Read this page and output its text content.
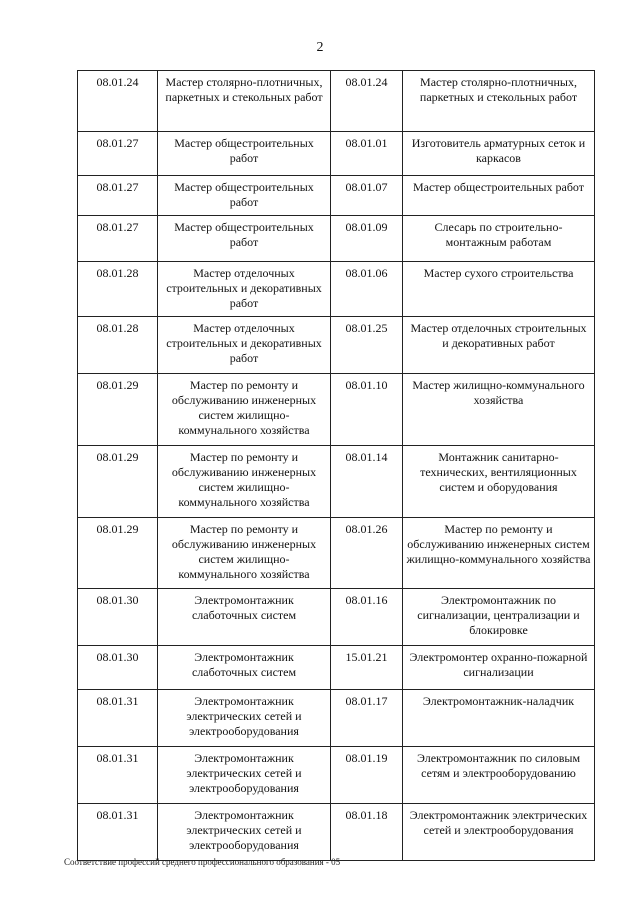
2
08.01.24	Мастер столярно-плотничных, паркетных и стекольных работ	08.01.24	Мастер столярно-плотничных, паркетных и стекольных работ
08.01.27	Мастер общестроительных работ	08.01.01	Изготовитель арматурных сеток и каркасов
08.01.27	Мастер общестроительных работ	08.01.07	Мастер общестроительных работ
08.01.27	Мастер общестроительных работ	08.01.09	Слесарь по строительно-монтажным работам
08.01.28	Мастер отделочных строительных и декоративных работ	08.01.06	Мастер сухого строительства
08.01.28	Мастер отделочных строительных и декоративных работ	08.01.25	Мастер отделочных строительных и декоративных работ
08.01.29	Мастер по ремонту и обслуживанию инженерных систем жилищно-коммунального хозяйства	08.01.10	Мастер жилищно-коммунального хозяйства
08.01.29	Мастер по ремонту и обслуживанию инженерных систем жилищно-коммунального хозяйства	08.01.14	Монтажник санитарно-технических, вентиляционных систем и оборудования
08.01.29	Мастер по ремонту и обслуживанию инженерных систем жилищно-коммунального хозяйства	08.01.26	Мастер по ремонту и обслуживанию инженерных систем жилищно-коммунального хозяйства
08.01.30	Электромонтажник слаботочных систем	08.01.16	Электромонтажник по сигнализации, централизации и блокировке
08.01.30	Электромонтажник слаботочных систем	15.01.21	Электромонтер охранно-пожарной сигнализации
08.01.31	Электромонтажник электрических сетей и электрооборудования	08.01.17	Электромонтажник-наладчик
08.01.31	Электромонтажник электрических сетей и электрооборудования	08.01.19	Электромонтажник по силовым сетям и электрооборудованию
08.01.31	Электромонтажник электрических сетей и электрооборудования	08.01.18	Электромонтажник электрических сетей и электрооборудования
Соответствие профессий среднего профессионального образования - 05
